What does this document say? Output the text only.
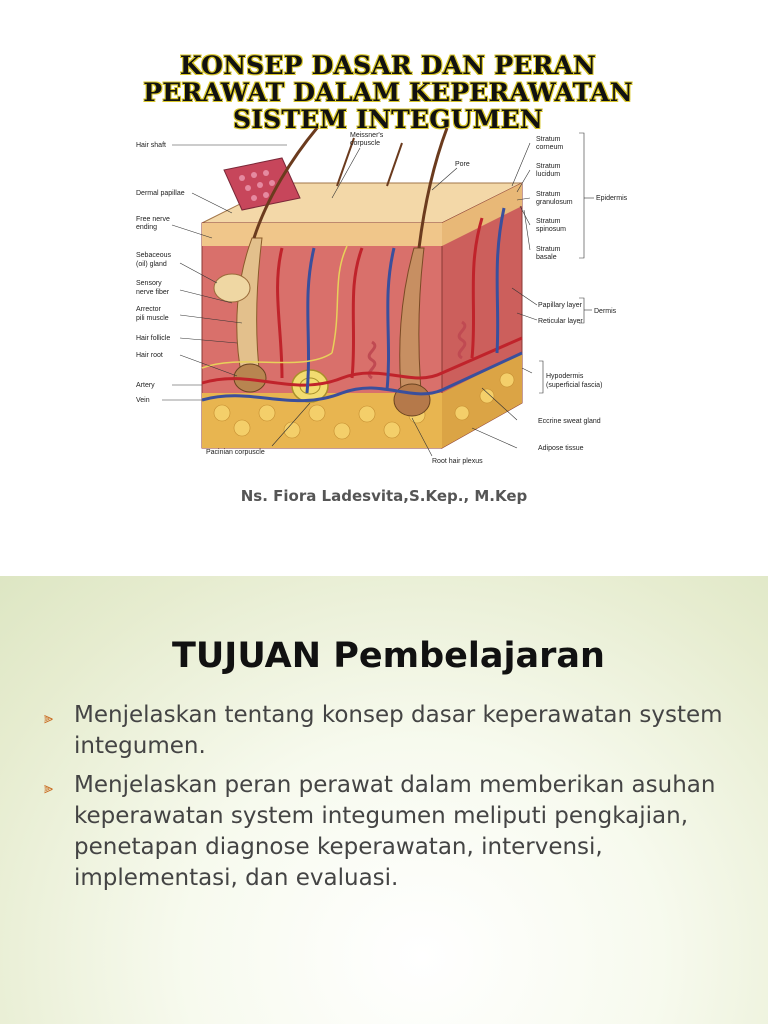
KONSEP DASAR DAN PERAN
PERAWAT DALAM KEPERAWATAN
SISTEM INTEGUMEN
Hair shaft
Meissner's
corpuscle
Pore
Dermal papillae
Free nerve
ending
Sebaceous
(oil) gland
Sensory
nerve fiber
Arrector
pili muscle
Hair follicle
Hair root
Artery
Vein
Pacinian corpuscle
Root hair plexus
Adipose tissue
Eccrine sweat gland
Hypodermis
(superficial fascia)
Papillary layer
Reticular layer
Dermis
Epidermis
Stratum
corneum
Stratum
lucidum
Stratum
granulosum
Stratum
spinosum
Stratum
basale
Ns. Fiora Ladesvita,S.Kep., M.Kep
TUJUAN Pembelajaran
⫸ Menjelaskan tentang konsep dasar keperawatan system integumen.
⫸ Menjelaskan peran perawat dalam memberikan asuhan keperawatan system integumen meliputi pengkajian, penetapan diagnose keperawatan, intervensi, implementasi, dan evaluasi.
